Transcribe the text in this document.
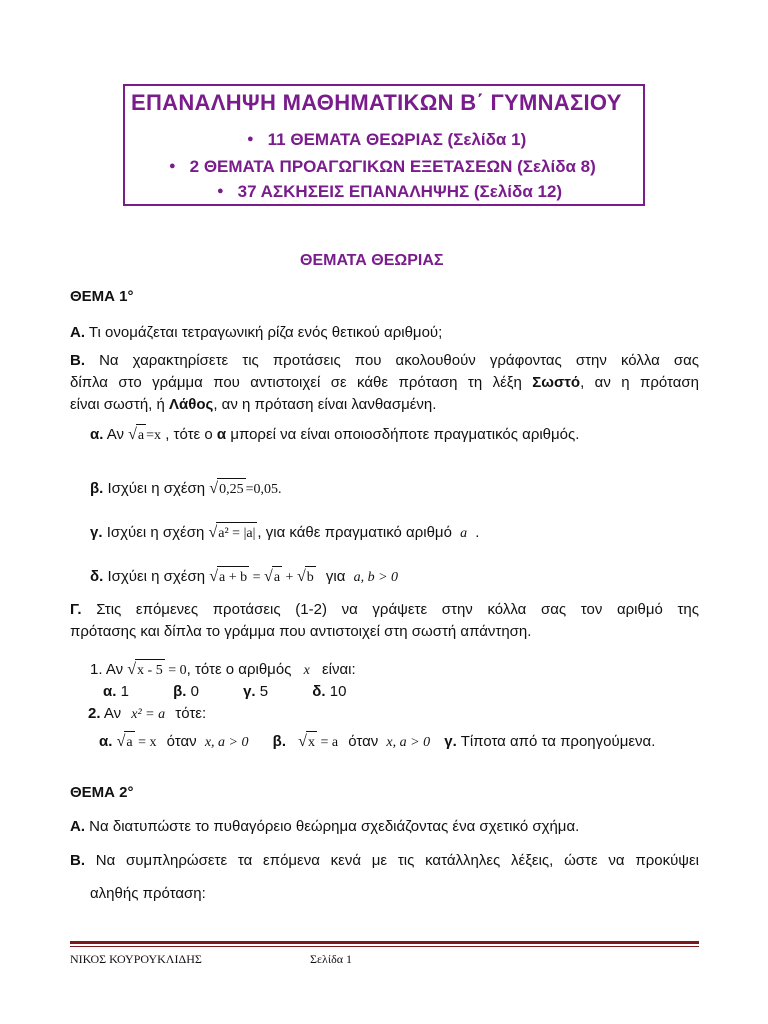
ΕΠΑΝΑΛΗΨΗ ΜΑΘΗΜΑΤΙΚΩΝ Β΄ ΓΥΜΝΑΣΙΟΥ
● 11 ΘΕΜΑΤΑ ΘΕΩΡΙΑΣ (Σελίδα 1)
● 2 ΘΕΜΑΤΑ ΠΡΟΑΓΩΓΙΚΩΝ ΕΞΕΤΑΣΕΩΝ (Σελίδα 8)
● 37 ΑΣΚΗΣΕΙΣ ΕΠΑΝΑΛΗΨΗΣ (Σελίδα 12)
ΘΕΜΑΤΑ ΘΕΩΡΙΑΣ
ΘΕΜΑ 1°
Α. Τι ονομάζεται τετραγωνική ρίζα ενός θετικού αριθμού;
Β. Να χαρακτηρίσετε τις προτάσεις που ακολουθούν γράφοντας στην κόλλα σας
δίπλα στο γράμμα που αντιστοιχεί σε κάθε πρόταση τη λέξη Σωστό, αν η πρόταση
είναι σωστή, ή Λάθος, αν η πρόταση είναι λανθασμένη.
α. Αν √a =x , τότε ο α μπορεί να είναι οποιοσδήποτε πραγματικός αριθμός.
β. Ισχύει η σχέση √0,25 =0,05.
γ. Ισχύει η σχέση √a² = |a| , για κάθε πραγματικό αριθμό a .
δ. Ισχύει η σχέση √a + b = √a + √b για a, b > 0
Γ. Στις επόμενες προτάσεις (1-2) να γράψετε στην κόλλα σας τον αριθμό της
πρότασης και δίπλα το γράμμα που αντιστοιχεί στη σωστή απάντηση.
1. Αν √x - 5 = 0, τότε ο αριθμός x είναι:
α. 1	β. 0	γ. 5	δ. 10
2. Αν x² = a τότε:
α. √a = x όταν x, a > 0 β. √x = a όταν x, a > 0 γ. Τίποτα από τα προηγούμενα.
ΘΕΜΑ 2°
Α. Να διατυπώστε το πυθαγόρειο θεώρημα σχεδιάζοντας ένα σχετικό σχήμα.
Β. Να συμπληρώσετε τα επόμενα κενά με τις κατάλληλες λέξεις, ώστε να προκύψει
αληθής πρόταση:
ΝΙΚΟΣ ΚΟΥΡΟΥΚΛΙΔΗΣ	Σελίδα 1
